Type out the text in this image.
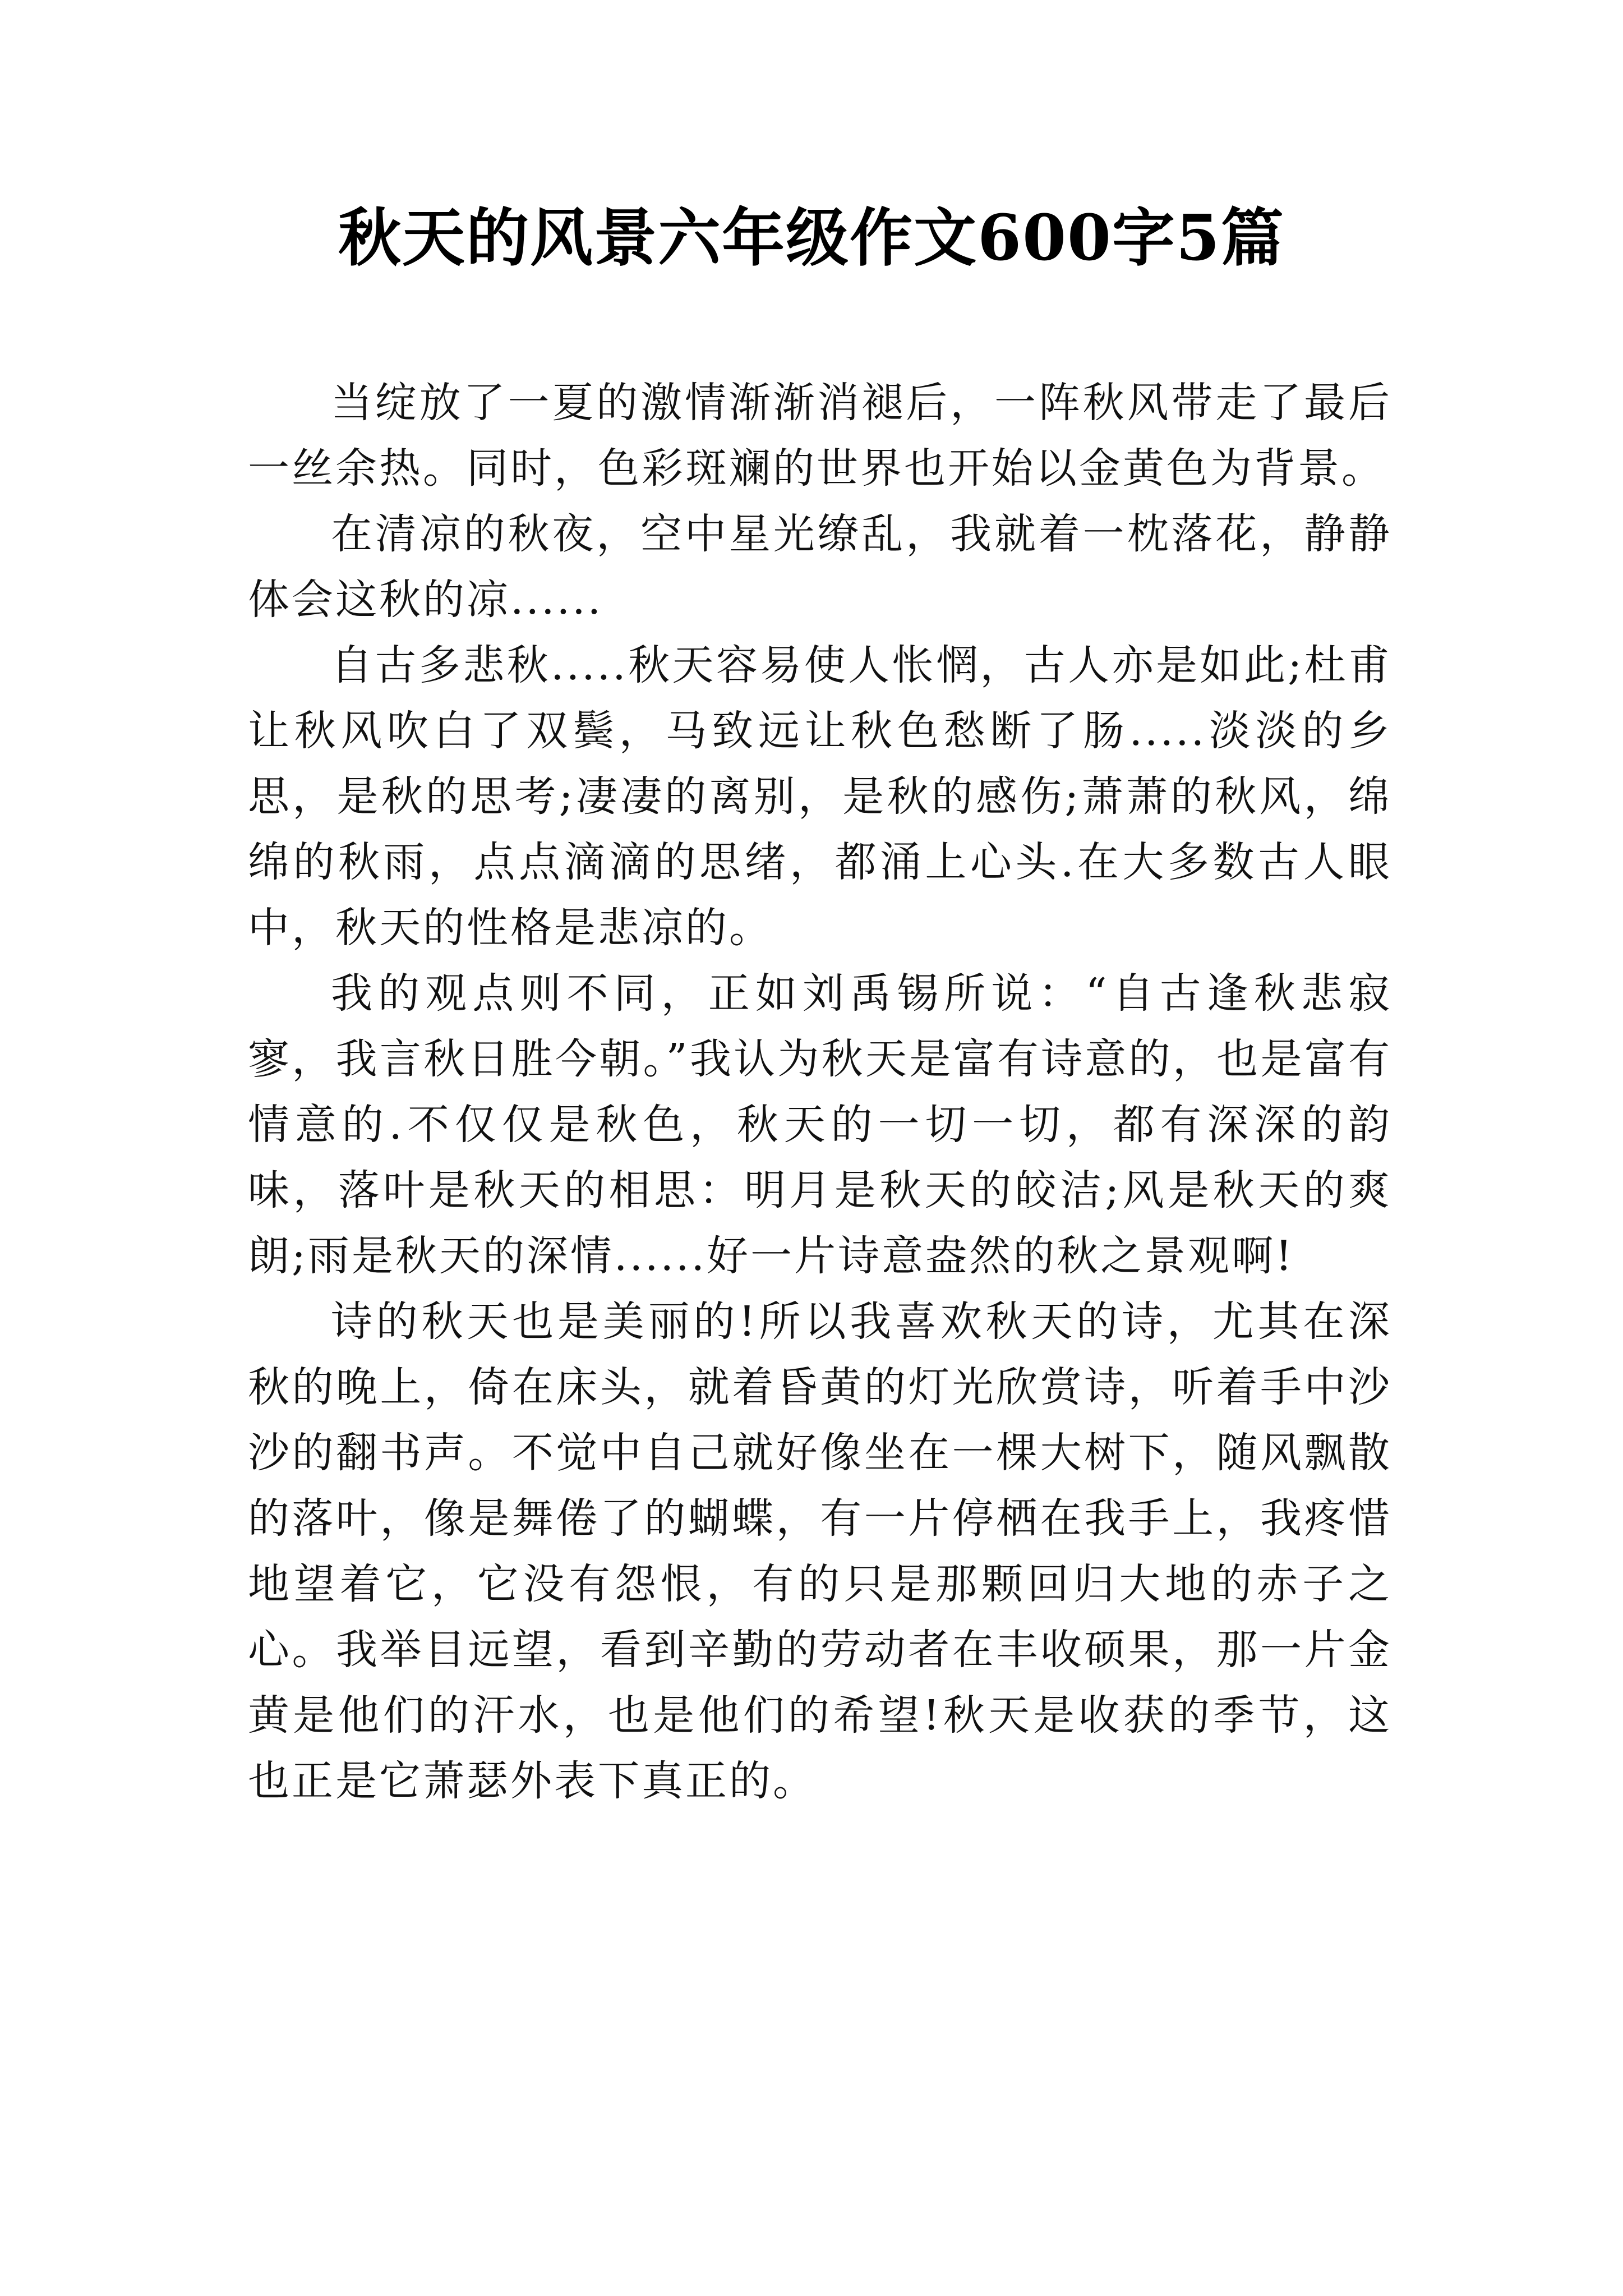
秋天的风景六年级作文600字5篇

当绽放了一夏的激情渐渐消褪后，一阵秋风带走了最后一丝余热。同时，色彩斑斓的世界也开始以金黄色为背景。

在清凉的秋夜，空中星光缭乱，我就着一枕落花，静静体会这秋的凉......

自古多悲秋.....秋天容易使人怅惘，古人亦是如此;杜甫让秋风吹白了双鬓，马致远让秋色愁断了肠.....淡淡的乡思，是秋的思考;凄凄的离别，是秋的感伤;萧萧的秋风，绵绵的秋雨，点点滴滴的思绪，都涌上心头.在大多数古人眼中，秋天的性格是悲凉的。

我的观点则不同，正如刘禹锡所说：“自古逢秋悲寂寥，我言秋日胜今朝。”我认为秋天是富有诗意的，也是富有情意的.不仅仅是秋色，秋天的一切一切，都有深深的韵味，落叶是秋天的相思：明月是秋天的皎洁;风是秋天的爽朗;雨是秋天的深情......好一片诗意盎然的秋之景观啊!

诗的秋天也是美丽的!所以我喜欢秋天的诗，尤其在深秋的晚上，倚在床头，就着昏黄的灯光欣赏诗，听着手中沙沙的翻书声。不觉中自己就好像坐在一棵大树下，随风飘散的落叶，像是舞倦了的蝴蝶，有一片停栖在我手上，我疼惜地望着它，它没有怨恨，有的只是那颗回归大地的赤子之心。我举目远望，看到辛勤的劳动者在丰收硕果，那一片金黄是他们的汗水，也是他们的希望!秋天是收获的季节，这也正是它萧瑟外表下真正的。
